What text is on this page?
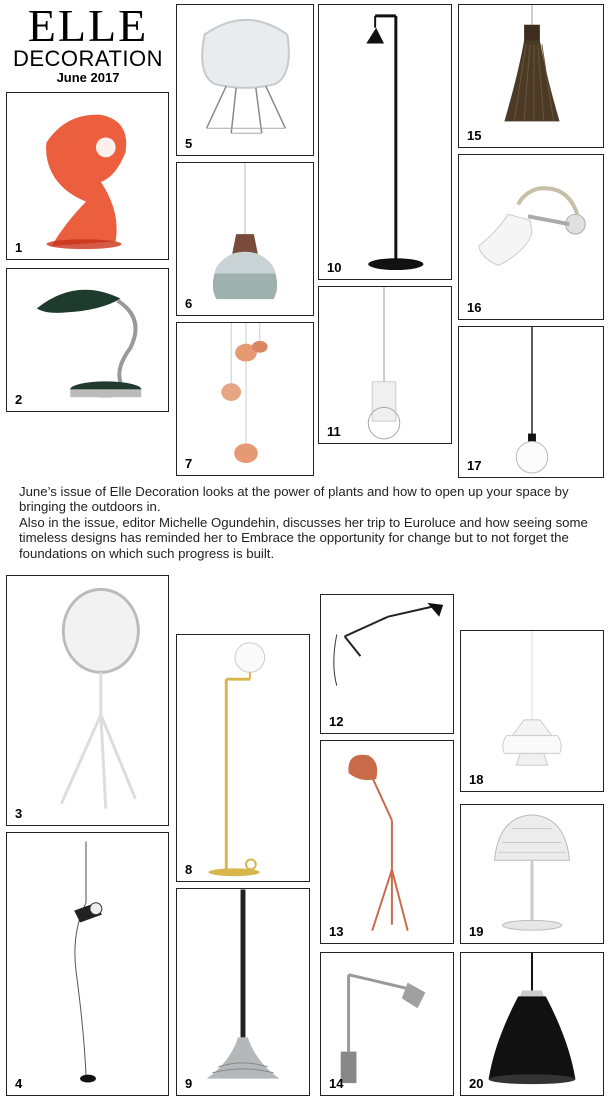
ELLE
DECORATION
June 2017

June’s issue of Elle Decoration looks at the power of plants and how to open up your space by bringing the outdoors in.

Also in the issue, editor Michelle Ogundehin, discusses her trip to Euroluce and how seeing some timeless designs has reminded her to Embrace the opportunity for change but to not forget the foundations on which such progress is built.

1
2
3
4
5
6
7
8
9
10
11
12
13
14
15
16
17
18
19
20
